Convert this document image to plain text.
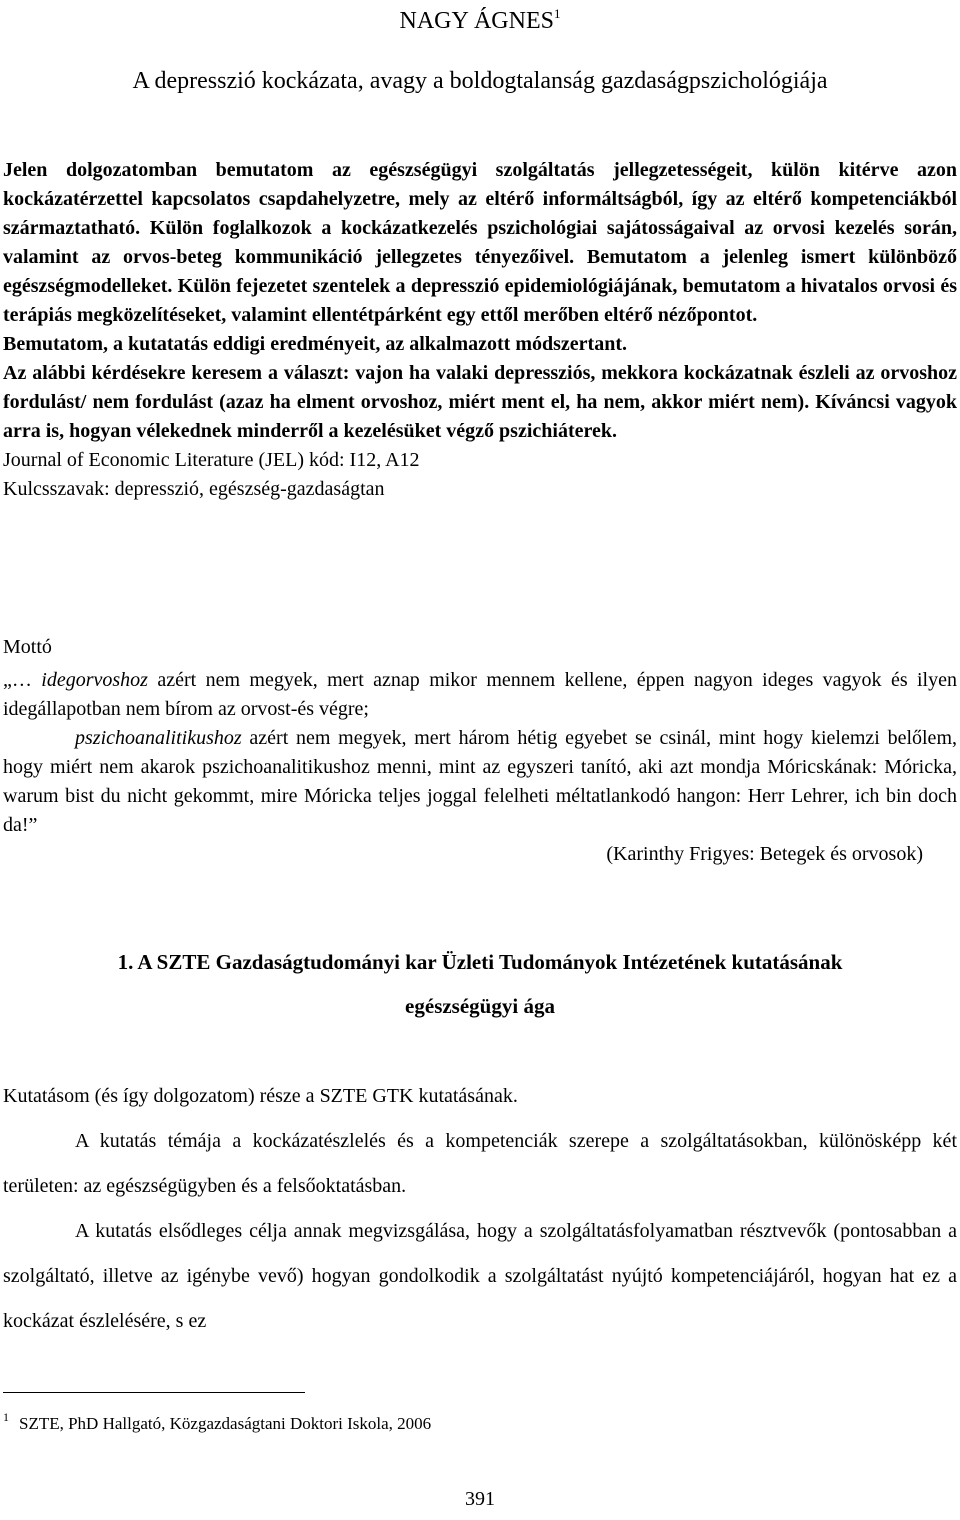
NAGY ÁGNES$^1$
A depresszió kockázata, avagy a boldogtalanság gazdaságpszichológiája

Jelen dolgozatomban bemutatom az egészségügyi szolgáltatás jellegzetességeit, külön kitérve azon kockázatérzettel kapcsolatos csapdahelyzetre, mely az eltérő informáltságból, így az eltérő kompetenciákból származtatható. Külön foglalkozok a kockázatkezelés pszichológiai sajátosságaival az orvosi kezelés során, valamint az orvos-beteg kommunikáció jellegzetes tényezőivel. Bemutatom a jelenleg ismert különböző egészségmodelleket. Külön fejezetet szentelek a depresszió epidemiológiájának, bemutatom a hivatalos orvosi és terápiás megközelítéseket, valamint ellentétpárként egy ettől merőben eltérő nézőpontot.

Bemutatom, a kutatatás eddigi eredményeit, az alkalmazott módszertant.

Az alábbi kérdésekre keresem a választ: vajon ha valaki depressziós, mekkora kockázatnak észleli az orvoshoz fordulást/ nem fordulást (azaz ha elment orvoshoz, miért ment el, ha nem, akkor miért nem). Kíváncsi vagyok arra is, hogyan vélekednek minderről a kezelésüket végző pszichiáterek.

Journal of Economic Literature (JEL) kód: I12, A12

Kulcsszavak: depresszió, egészség-gazdaságtan

Mottó

„… idegorvoshoz azért nem megyek, mert aznap mikor mennem kellene, éppen nagyon ideges vagyok és ilyen idegállapotban nem bírom az orvost-és végre;

pszichoanalitikushoz azért nem megyek, mert három hétig egyebet se csinál, mint hogy kielemzi belőlem, hogy miért nem akarok pszichoanalitikushoz menni, mint az egyszeri tanító, aki azt mondja Móricskának: Móricka, warum bist du nicht gekommt, mire Móricka teljes joggal felelheti méltatlankodó hangon: Herr Lehrer, ich bin doch da!”

(Karinthy Frigyes: Betegek és orvosok)

1. A SZTE Gazdaságtudományi kar Üzleti Tudományok Intézetének kutatásának
egészségügyi ága

Kutatásom (és így dolgozatom) része a SZTE GTK kutatásának.

A kutatás témája a kockázatészlelés és a kompetenciák szerepe a szolgáltatásokban, különösképp két területen: az egészségügyben és a felsőoktatásban.

A kutatás elsődleges célja annak megvizsgálása, hogy a szolgáltatásfolyamatban résztvevők (pontosabban a szolgáltató, illetve az igénybe vevő) hogyan gondolkodik a szolgáltatást nyújtó kompetenciájáról, hogyan hat ez a kockázat észlelésére, s ez

$^1$ SZTE, PhD Hallgató, Közgazdaságtani Doktori Iskola, 2006
391
